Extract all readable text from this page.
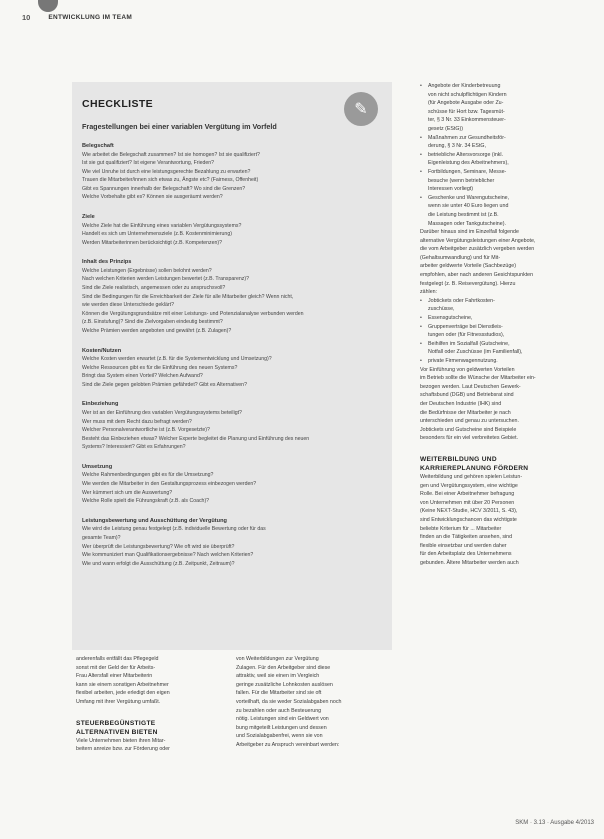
10	ENTWICKLUNG IM TEAM
✎
CHECKLISTE
Fragestellungen bei einer variablen Vergütung im Vorfeld
Belegschaft
Wie arbeitet die Belegschaft zusammen? Ist sie homogen? Ist sie qualifiziert?
Ist sie gut qualifiziert? Ist eigene Verantwortung, Frieden?
Wie viel Unruhe ist durch eine leistungsgerechte Bezahlung zu erwarten?
Trauen die Mitarbeiter/innen sich etwas zu, Ängste etc? (Fairness, Offenheit)
Gibt es Spannungen innerhalb der Belegschaft? Wo sind die Grenzen?
Welche Vorbehalte gibt es? Können sie ausgeräumt werden?
Ziele
Welche Ziele hat die Einführung eines variablen Vergütungssystems?
Handelt es sich um Unternehmensziele (z.B. Kostenminimierung)
Werden Mitarbeiterinnen berücksichtigt (z.B. Kompetenzen)?
Inhalt des Prinzips
Welche Leistungen (Ergebnisse) sollen belohnt werden?
Nach welchen Kriterien werden Leistungen bewertet (z.B. Transparenz)?
Sind die Ziele realistisch, angemessen oder zu anspruchsvoll?
Sind die Bedingungen für die Erreichbarkeit der Ziele für alle Mitarbeiter gleich? Wenn nicht,
wie werden diese Unterschiede geklärt?
Können die Vergütungsgrundsätze mit einer Leistungs- und Potenzialanalyse verbunden werden
(z.B. Einstufung)? Sind die Zielvorgaben eindeutig bestimmt?
Welche Prämien werden angeboten und gewährt (z.B. Zulagen)?
Kosten/Nutzen
Welche Kosten werden erwartet (z.B. für die Systementwicklung und Umsetzung)?
Welche Ressourcen gibt es für die Einführung des neuen Systems?
Bringt das System einen Vorteil? Welchen Aufwand?
Sind die Ziele gegen gelobten Prämien gefährdet? Gibt es Alternativen?
Einbeziehung
Wer ist an der Einführung des variablen Vergütungssystems beteiligt?
Wer muss mit dem Recht dazu befragt werden?
Welcher Personalverantwortliche ist (z.B. Vorgesetzte)?
Besteht das Einbeziehen etwas? Welcher Experte begleitet die Planung und Einführung des neuen
Systems? Interessiert? Gibt es Erfahrungen?
Umsetzung
Welche Rahmenbedingungen gibt es für die Umsetzung?
Wie werden die Mitarbeiter in den Gestaltungsprozess einbezogen werden?
Wer kümmert sich um die Auswertung?
Welche Rolle spielt die Führungskraft (z.B. als Coach)?
Leistungsbewertung und Ausschüttung der Vergütung
Wie wird die Leistung genau festgelegt (z.B. individuelle Bewertung oder für das
gesamte Team)?
Wer überprüft die Leistungsbewertung? Wie oft wird sie überprüft?
Wie kommuniziert man Qualifikationsergebnisse? Nach welchen Kriterien?
Wie und wann erfolgt die Ausschüttung (z.B. Zeitpunkt, Zeitraum)?

anderenfalls entfällt das Pflegegeld

sonst mit der Geld der für Arbeits-

Frau Altersfall einer Mitarbeiterin

kann sie einem sonstigen Arbeitnehmer

flexibel arbeiten, jede erledigt den eigen

Umfang mit ihrer Vergütung umfaßt.

STEUERBEGÜNSTIGTE
ALTERNATIVEN BIETEN

Viele Unternehmen bieten ihren Mitar-

beitern anreize bzw. zur Förderung oder

von Weiterbildungen zur Vergütung

Zulagen. Für den Arbeitgeber sind diese

attraktiv, weil sie einen im Vergleich

geringe zusätzliche Lohnkosten auslösen

fallen. Für die Mitarbeiter sind sie oft

vorteilhaft, da sie weder Sozialabgaben noch

zu bezahlen oder auch Besteuerung

nötig. Leistungen sind ein Geldwert von

bung mitgeteilt Leistungen und dessen

und Sozialabgabenfrei, wenn sie von

Arbeitgeber zu Anspruch vereinbart werden:

• Angebote der Kinderbetreuung
von nicht schulpflichtigen Kindern
(für Angebote Ausgabe oder Zu-
schüsse für Hort bzw. Tagesmüt-
ter, § 3 Nr. 33 Einkommensteuer-
gesetz (EStG))
• Maßnahmen zur Gesundheitsför-
derung, § 3 Nr. 34 EStG,
• betriebliche Altersvorsorge (inkl.
Eigenleistung des Arbeitnehmers),
• Fortbildungen, Seminare, Messe-
besuche (wenn betrieblicher
Interessen vorliegt)
• Geschenke und Warengutscheine,
wenn sie unter 40 Euro liegen und
die Leistung bestimmt ist (z.B.
Massagen oder Tankgutscheine).

Darüber hinaus sind im Einzelfall folgende

alternative Vergütungsleistungen einer Angebote,

die vom Arbeitgeber zusätzlich vergeben werden

(Gehaltsumwandlung) und für Mit-

arbeiter geldwerte Vorteile (Sachbezüge)

empfohlen, aber nach anderen Gesichtspunkten

festgelegt (z. B. Reisevergütung). Hierzu

zählen:

• Jobtickets oder Fahrtkosten-
zuschüsse,
• Essensgutscheine,
• Gruppenverträge bei Dienstleis-
tungen oder (für Fitnessstudios),
• Beihilfen im Sozialfall (Gutscheine,
Notfall oder Zuschüsse (im Familienfall),
• private Firmenwagennutzung.

Vor Einführung von geldwerten Vorteilen

im Betrieb sollte die Wünsche der Mitarbeiter ein-

bezogen werden. Laut Deutschen Gewerk-

schaftsbund (DGB) und Betriebsrat sind

der Deutschen Industrie (IHK) sind

die Bedürfnisse der Mitarbeiter je nach

unterschieden und genau zu untersuchen.

Jobtickets und Gutscheine sind Beispiele

besonders für ein viel verbreitetes Gebiet.

WEITERBILDUNG UND
KARRIEREPLANUNG FÖRDERN

Weiterbildung und gehören spielen Leistun-

gen und Vergütungssystem, eine wichtige

Rolle. Bei einer Arbeitnehmer befragung

von Unternehmen mit über 20 Personen

(Keine NEXT-Studie, HCV 3/2011, S. 43),

sind Entwicklungschancen das wichtigste

beliebte Kriterium für ... Mitarbeiter

finden an die Tätigkeiten ansehen, sind

flexible einsetzbar und werden daher

für den Arbeitsplatz des Unternehmens

gebunden. Ältere Mitarbeiter werden auch

SKM · 3.13 · Ausgabe 4/2013
